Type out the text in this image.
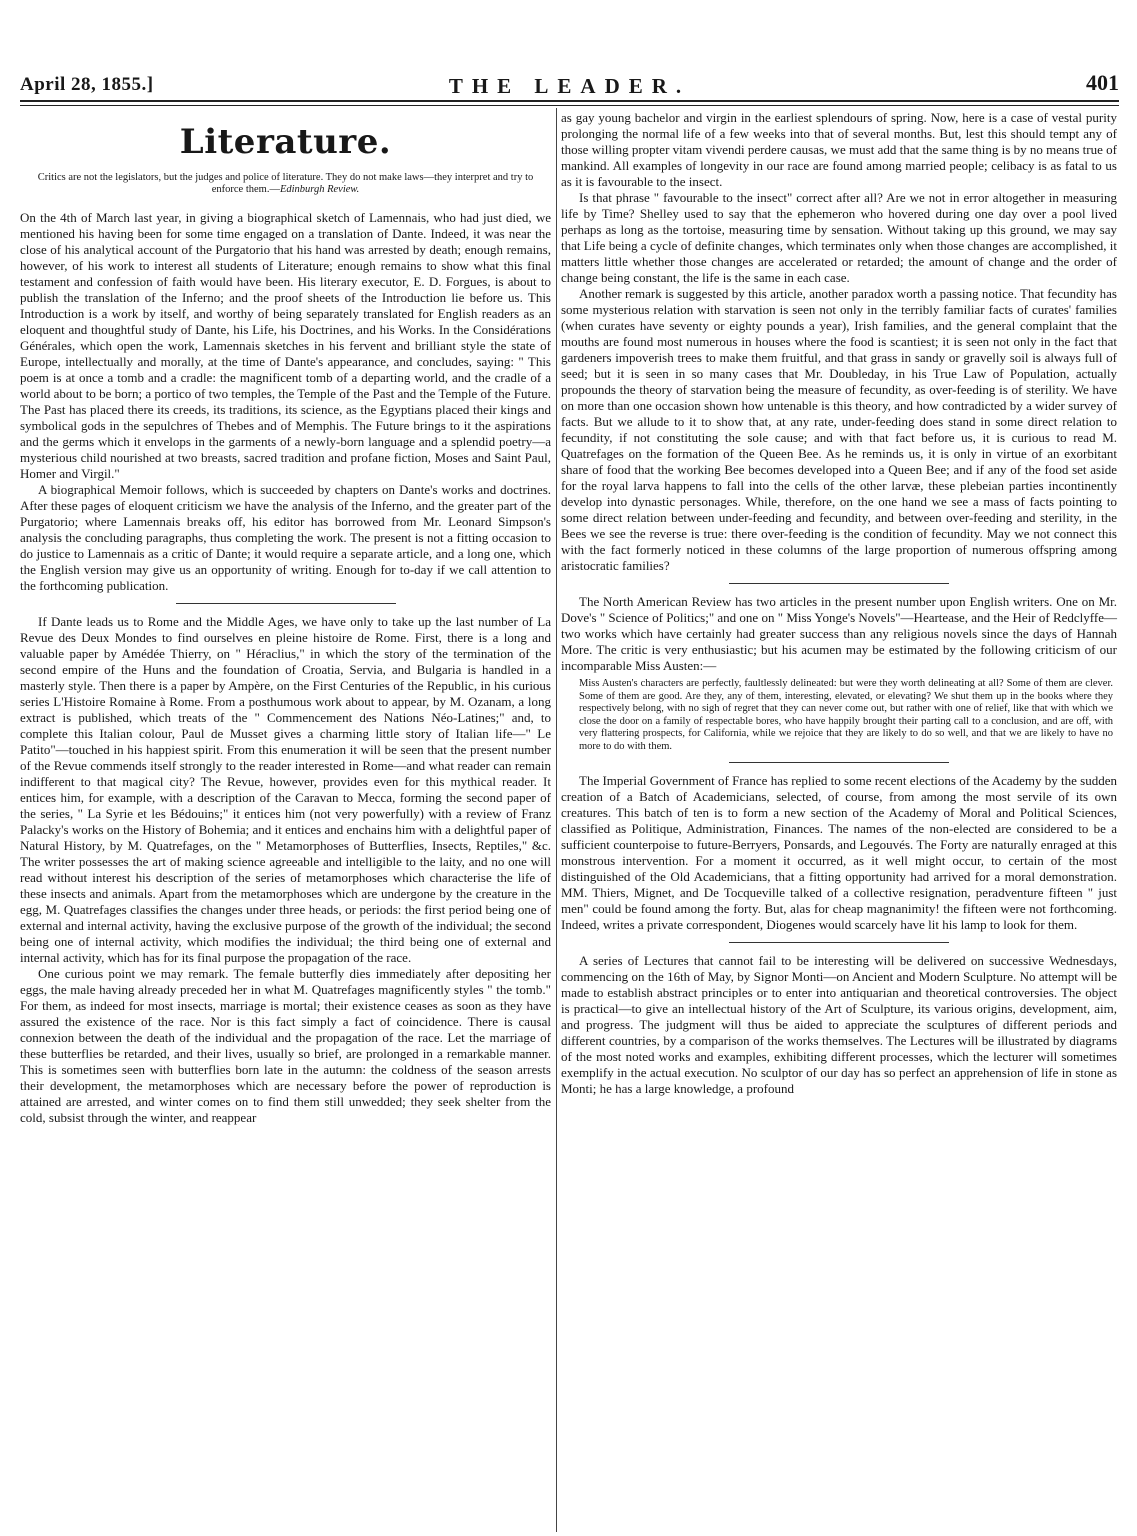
April 28, 1855.]	THE LEADER.	401
Literature.
Critics are not the legislators, but the judges and police of literature. They do not make laws—they interpret and try to enforce them.—Edinburgh Review.

On the 4th of March last year, in giving a biographical sketch of Lamennais, who had just died, we mentioned his having been for some time engaged on a translation of Dante. Indeed, it was near the close of his analytical account of the Purgatorio that his hand was arrested by death; enough remains, however, of his work to interest all students of Literature; enough remains to show what this final testament and confession of faith would have been. His literary executor, E. D. Forgues, is about to publish the translation of the Inferno; and the proof sheets of the Introduction lie before us. This Introduction is a work by itself, and worthy of being separately translated for English readers as an eloquent and thoughtful study of Dante, his Life, his Doctrines, and his Works. In the Considérations Générales, which open the work, Lamennais sketches in his fervent and brilliant style the state of Europe, intellectually and morally, at the time of Dante's appearance, and concludes, saying: " This poem is at once a tomb and a cradle: the magnificent tomb of a departing world, and the cradle of a world about to be born; a portico of two temples, the Temple of the Past and the Temple of the Future. The Past has placed there its creeds, its traditions, its science, as the Egyptians placed their kings and symbolical gods in the sepulchres of Thebes and of Memphis. The Future brings to it the aspirations and the germs which it envelops in the garments of a newly-born language and a splendid poetry—a mysterious child nourished at two breasts, sacred tradition and profane fiction, Moses and Saint Paul, Homer and Virgil."

A biographical Memoir follows, which is succeeded by chapters on Dante's works and doctrines. After these pages of eloquent criticism we have the analysis of the Inferno, and the greater part of the Purgatorio; where Lamennais breaks off, his editor has borrowed from Mr. Leonard Simpson's analysis the concluding paragraphs, thus completing the work. The present is not a fitting occasion to do justice to Lamennais as a critic of Dante; it would require a separate article, and a long one, which the English version may give us an opportunity of writing. Enough for to-day if we call attention to the forthcoming publication.

If Dante leads us to Rome and the Middle Ages, we have only to take up the last number of La Revue des Deux Mondes to find ourselves en pleine histoire de Rome. First, there is a long and valuable paper by Amédée Thierry, on " Héraclius," in which the story of the termination of the second empire of the Huns and the foundation of Croatia, Servia, and Bulgaria is handled in a masterly style. Then there is a paper by Ampère, on the First Centuries of the Republic, in his curious series L'Histoire Romaine à Rome. From a posthumous work about to appear, by M. Ozanam, a long extract is published, which treats of the " Commencement des Nations Néo-Latines;" and, to complete this Italian colour, Paul de Musset gives a charming little story of Italian life—" Le Patito"—touched in his happiest spirit. From this enumeration it will be seen that the present number of the Revue commends itself strongly to the reader interested in Rome—and what reader can remain indifferent to that magical city? The Revue, however, provides even for this mythical reader. It entices him, for example, with a description of the Caravan to Mecca, forming the second paper of the series, " La Syrie et les Bédouins;" it entices him (not very powerfully) with a review of Franz Palacky's works on the History of Bohemia; and it entices and enchains him with a delightful paper of Natural History, by M. Quatrefages, on the " Metamorphoses of Butterflies, Insects, Reptiles," &c. The writer possesses the art of making science agreeable and intelligible to the laity, and no one will read without interest his description of the series of metamorphoses which characterise the life of these insects and animals. Apart from the metamorphoses which are undergone by the creature in the egg, M. Quatrefages classifies the changes under three heads, or periods: the first period being one of external and internal activity, having the exclusive purpose of the growth of the individual; the second being one of internal activity, which modifies the individual; the third being one of external and internal activity, which has for its final purpose the propagation of the race.

One curious point we may remark. The female butterfly dies immediately after depositing her eggs, the male having already preceded her in what M. Quatrefages magnificently styles " the tomb." For them, as indeed for most insects, marriage is mortal; their existence ceases as soon as they have assured the existence of the race. Nor is this fact simply a fact of coincidence. There is causal connexion between the death of the individual and the propagation of the race. Let the marriage of these butterflies be retarded, and their lives, usually so brief, are prolonged in a remarkable manner. This is sometimes seen with butterflies born late in the autumn: the coldness of the season arrests their development, the metamorphoses which are necessary before the power of reproduction is attained are arrested, and winter comes on to find them still unwedded; they seek shelter from the cold, subsist through the winter, and reappear

as gay young bachelor and virgin in the earliest splendours of spring. Now, here is a case of vestal purity prolonging the normal life of a few weeks into that of several months. But, lest this should tempt any of those willing propter vitam vivendi perdere causas, we must add that the same thing is by no means true of mankind. All examples of longevity in our race are found among married people; celibacy is as fatal to us as it is favourable to the insect.

Is that phrase " favourable to the insect" correct after all? Are we not in error altogether in measuring life by Time? Shelley used to say that the ephemeron who hovered during one day over a pool lived perhaps as long as the tortoise, measuring time by sensation. Without taking up this ground, we may say that Life being a cycle of definite changes, which terminates only when those changes are accomplished, it matters little whether those changes are accelerated or retarded; the amount of change and the order of change being constant, the life is the same in each case.

Another remark is suggested by this article, another paradox worth a passing notice. That fecundity has some mysterious relation with starvation is seen not only in the terribly familiar facts of curates' families (when curates have seventy or eighty pounds a year), Irish families, and the general complaint that the mouths are found most numerous in houses where the food is scantiest; it is seen not only in the fact that gardeners impoverish trees to make them fruitful, and that grass in sandy or gravelly soil is always full of seed; but it is seen in so many cases that Mr. Doubleday, in his True Law of Population, actually propounds the theory of starvation being the measure of fecundity, as over-feeding is of sterility. We have on more than one occasion shown how untenable is this theory, and how contradicted by a wider survey of facts. But we allude to it to show that, at any rate, under-feeding does stand in some direct relation to fecundity, if not constituting the sole cause; and with that fact before us, it is curious to read M. Quatrefages on the formation of the Queen Bee. As he reminds us, it is only in virtue of an exorbitant share of food that the working Bee becomes developed into a Queen Bee; and if any of the food set aside for the royal larva happens to fall into the cells of the other larvæ, these plebeian parties incontinently develop into dynastic personages. While, therefore, on the one hand we see a mass of facts pointing to some direct relation between under-feeding and fecundity, and between over-feeding and sterility, in the Bees we see the reverse is true: there over-feeding is the condition of fecundity. May we not connect this with the fact formerly noticed in these columns of the large proportion of numerous offspring among aristocratic families?

The North American Review has two articles in the present number upon English writers. One on Mr. Dove's " Science of Politics;" and one on " Miss Yonge's Novels"—Heartease, and the Heir of Redclyffe—two works which have certainly had greater success than any religious novels since the days of Hannah More. The critic is very enthusiastic; but his acumen may be estimated by the following criticism of our incomparable Miss Austen:—

Miss Austen's characters are perfectly, faultlessly delineated: but were they worth delineating at all? Some of them are clever. Some of them are good. Are they, any of them, interesting, elevated, or elevating? We shut them up in the books where they respectively belong, with no sigh of regret that they can never come out, but rather with one of relief, like that with which we close the door on a family of respectable bores, who have happily brought their parting call to a conclusion, and are off, with very flattering prospects, for California, while we rejoice that they are likely to do so well, and that we are likely to have no more to do with them.

The Imperial Government of France has replied to some recent elections of the Academy by the sudden creation of a Batch of Academicians, selected, of course, from among the most servile of its own creatures. This batch of ten is to form a new section of the Academy of Moral and Political Sciences, classified as Politique, Administration, Finances. The names of the non-elected are considered to be a sufficient counterpoise to future-Berryers, Ponsards, and Legouvés. The Forty are naturally enraged at this monstrous intervention. For a moment it occurred, as it well might occur, to certain of the most distinguished of the Old Academicians, that a fitting opportunity had arrived for a moral demonstration. MM. Thiers, Mignet, and De Tocqueville talked of a collective resignation, peradventure fifteen " just men" could be found among the forty. But, alas for cheap magnanimity! the fifteen were not forthcoming. Indeed, writes a private correspondent, Diogenes would scarcely have lit his lamp to look for them.

A series of Lectures that cannot fail to be interesting will be delivered on successive Wednesdays, commencing on the 16th of May, by Signor Monti—on Ancient and Modern Sculpture. No attempt will be made to establish abstract principles or to enter into antiquarian and theoretical controversies. The object is practical—to give an intellectual history of the Art of Sculpture, its various origins, development, aim, and progress. The judgment will thus be aided to appreciate the sculptures of different periods and different countries, by a comparison of the works themselves. The Lectures will be illustrated by diagrams of the most noted works and examples, exhibiting different processes, which the lecturer will sometimes exemplify in the actual execution. No sculptor of our day has so perfect an apprehension of life in stone as Monti; he has a large knowledge, a profound
